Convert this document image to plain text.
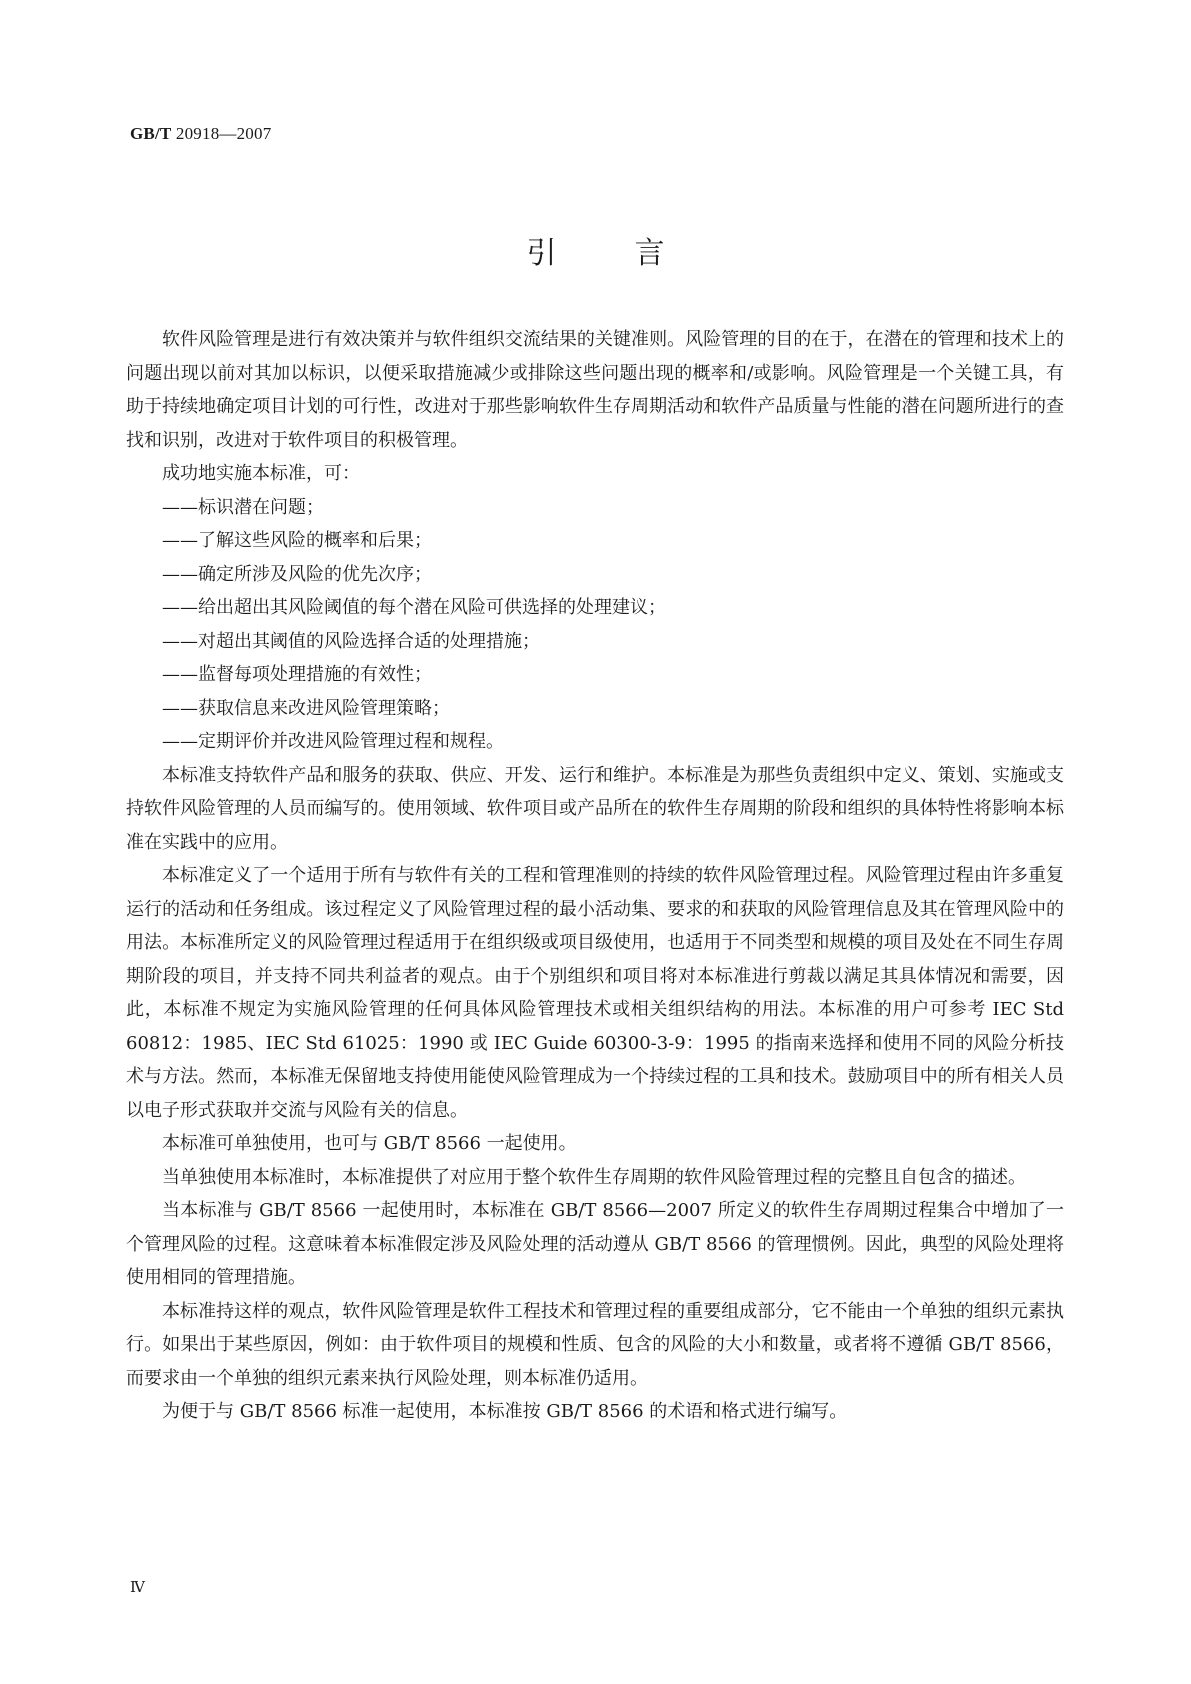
GB/T 20918—2007
引言

软件风险管理是进行有效决策并与软件组织交流结果的关键准则。风险管理的目的在于，在潜在的管理和技术上的问题出现以前对其加以标识，以便采取措施减少或排除这些问题出现的概率和/或影响。风险管理是一个关键工具，有助于持续地确定项目计划的可行性，改进对于那些影响软件生存周期活动和软件产品质量与性能的潜在问题所进行的查找和识别，改进对于软件项目的积极管理。

成功地实施本标准，可：

——标识潜在问题；
——了解这些风险的概率和后果；
——确定所涉及风险的优先次序；
——给出超出其风险阈值的每个潜在风险可供选择的处理建议；
——对超出其阈值的风险选择合适的处理措施；
——监督每项处理措施的有效性；
——获取信息来改进风险管理策略；
——定期评价并改进风险管理过程和规程。

本标准支持软件产品和服务的获取、供应、开发、运行和维护。本标准是为那些负责组织中定义、策划、实施或支持软件风险管理的人员而编写的。使用领域、软件项目或产品所在的软件生存周期的阶段和组织的具体特性将影响本标准在实践中的应用。

本标准定义了一个适用于所有与软件有关的工程和管理准则的持续的软件风险管理过程。风险管理过程由许多重复运行的活动和任务组成。该过程定义了风险管理过程的最小活动集、要求的和获取的风险管理信息及其在管理风险中的用法。本标准所定义的风险管理过程适用于在组织级或项目级使用，也适用于不同类型和规模的项目及处在不同生存周期阶段的项目，并支持不同共利益者的观点。由于个别组织和项目将对本标准进行剪裁以满足其具体情况和需要，因此，本标准不规定为实施风险管理的任何具体风险管理技术或相关组织结构的用法。本标准的用户可参考 IEC Std 60812：1985、IEC Std 61025：1990 或 IEC Guide 60300-3-9：1995 的指南来选择和使用不同的风险分析技术与方法。然而，本标准无保留地支持使用能使风险管理成为一个持续过程的工具和技术。鼓励项目中的所有相关人员以电子形式获取并交流与风险有关的信息。

本标准可单独使用，也可与 GB/T 8566 一起使用。

当单独使用本标准时，本标准提供了对应用于整个软件生存周期的软件风险管理过程的完整且自包含的描述。

当本标准与 GB/T 8566 一起使用时，本标准在 GB/T 8566—2007 所定义的软件生存周期过程集合中增加了一个管理风险的过程。这意味着本标准假定涉及风险处理的活动遵从 GB/T 8566 的管理惯例。因此，典型的风险处理将使用相同的管理措施。

本标准持这样的观点，软件风险管理是软件工程技术和管理过程的重要组成部分，它不能由一个单独的组织元素执行。如果出于某些原因，例如：由于软件项目的规模和性质、包含的风险的大小和数量，或者将不遵循 GB/T 8566，而要求由一个单独的组织元素来执行风险处理，则本标准仍适用。

为便于与 GB/T 8566 标准一起使用，本标准按 GB/T 8566 的术语和格式进行编写。

Ⅳ
